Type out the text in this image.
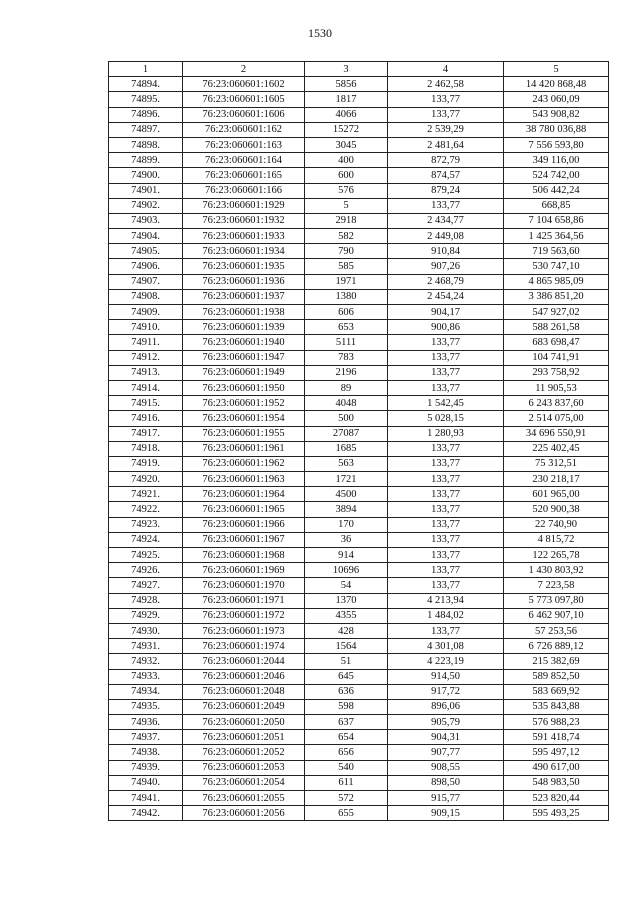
1530
1	2	3	4	5
74894.	76:23:060601:1602	5856	2 462,58	14 420 868,48
74895.	76:23:060601:1605	1817	133,77	243 060,09
74896.	76:23:060601:1606	4066	133,77	543 908,82
74897.	76:23:060601:162	15272	2 539,29	38 780 036,88
74898.	76:23:060601:163	3045	2 481,64	7 556 593,80
74899.	76:23:060601:164	400	872,79	349 116,00
74900.	76:23:060601:165	600	874,57	524 742,00
74901.	76:23:060601:166	576	879,24	506 442,24
74902.	76:23:060601:1929	5	133,77	668,85
74903.	76:23:060601:1932	2918	2 434,77	7 104 658,86
74904.	76:23:060601:1933	582	2 449,08	1 425 364,56
74905.	76:23:060601:1934	790	910,84	719 563,60
74906.	76:23:060601:1935	585	907,26	530 747,10
74907.	76:23:060601:1936	1971	2 468,79	4 865 985,09
74908.	76:23:060601:1937	1380	2 454,24	3 386 851,20
74909.	76:23:060601:1938	606	904,17	547 927,02
74910.	76:23:060601:1939	653	900,86	588 261,58
74911.	76:23:060601:1940	5111	133,77	683 698,47
74912.	76:23:060601:1947	783	133,77	104 741,91
74913.	76:23:060601:1949	2196	133,77	293 758,92
74914.	76:23:060601:1950	89	133,77	11 905,53
74915.	76:23:060601:1952	4048	1 542,45	6 243 837,60
74916.	76:23:060601:1954	500	5 028,15	2 514 075,00
74917.	76:23:060601:1955	27087	1 280,93	34 696 550,91
74918.	76:23:060601:1961	1685	133,77	225 402,45
74919.	76:23:060601:1962	563	133,77	75 312,51
74920.	76:23:060601:1963	1721	133,77	230 218,17
74921.	76:23:060601:1964	4500	133,77	601 965,00
74922.	76:23:060601:1965	3894	133,77	520 900,38
74923.	76:23:060601:1966	170	133,77	22 740,90
74924.	76:23:060601:1967	36	133,77	4 815,72
74925.	76:23:060601:1968	914	133,77	122 265,78
74926.	76:23:060601:1969	10696	133,77	1 430 803,92
74927.	76:23:060601:1970	54	133,77	7 223,58
74928.	76:23:060601:1971	1370	4 213,94	5 773 097,80
74929.	76:23:060601:1972	4355	1 484,02	6 462 907,10
74930.	76:23:060601:1973	428	133,77	57 253,56
74931.	76:23:060601:1974	1564	4 301,08	6 726 889,12
74932.	76:23:060601:2044	51	4 223,19	215 382,69
74933.	76:23:060601:2046	645	914,50	589 852,50
74934.	76:23:060601:2048	636	917,72	583 669,92
74935.	76:23:060601:2049	598	896,06	535 843,88
74936.	76:23:060601:2050	637	905,79	576 988,23
74937.	76:23:060601:2051	654	904,31	591 418,74
74938.	76:23:060601:2052	656	907,77	595 497,12
74939.	76:23:060601:2053	540	908,55	490 617,00
74940.	76:23:060601:2054	611	898,50	548 983,50
74941.	76:23:060601:2055	572	915,77	523 820,44
74942.	76:23:060601:2056	655	909,15	595 493,25
